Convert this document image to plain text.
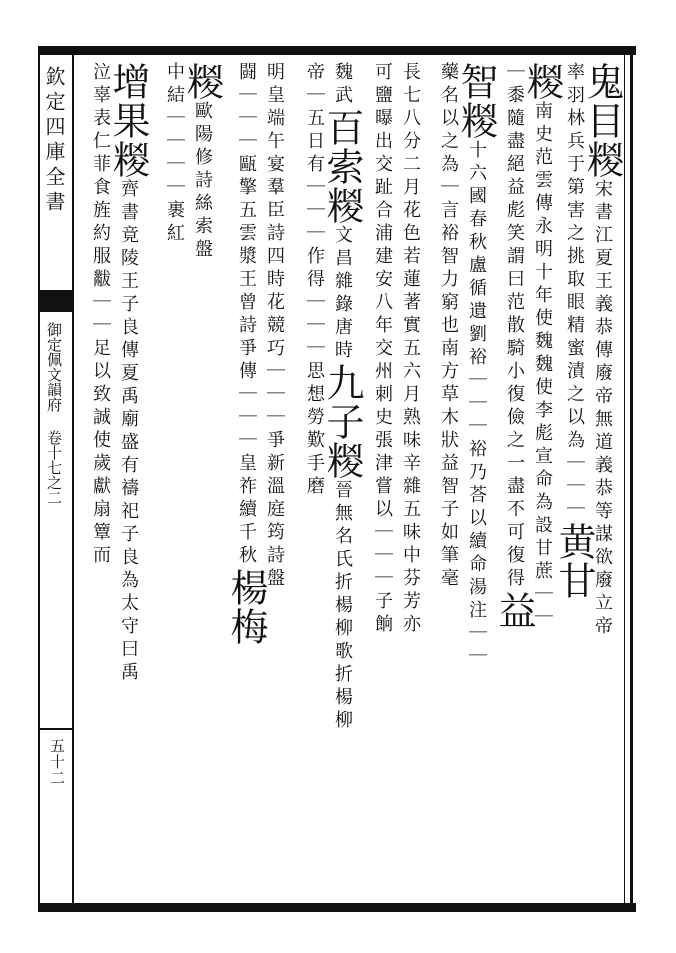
欽定四庫全書
御定佩文韻府 卷十七之二
五十二
鬼目糉宋書江夏王義恭傳廢帝無道義恭等謀欲廢立帝
率羽林兵于第害之挑取眼精蜜漬之以為｜｜｜黄甘
糉南史范雲傳永明十年使魏魏使李彪宣命為設甘蔗｜｜
｜黍隨盡絕益彪笑謂曰范散騎小復儉之一盡不可復得益
智糉十六國春秋盧循遺劉裕｜｜｜裕乃荅以續命湯注｜｜
藥名以之為｜言裕智力窮也南方草木狀益智子如筆毫
長七八分二月花色若蓮著實五六月熟味辛雜五味中芬芳亦
可鹽曝出交趾合浦建安八年交州刺史張津嘗以｜｜｜子餉
魏武百索糉文昌雜錄唐時九子糉晉無名氏折楊柳歌折楊柳
帝｜五日有｜｜｜作得｜｜｜思想勞歎手磨
明皇端午宴羣臣詩四時花競巧｜｜｜爭新溫庭筠詩盤
闘｜｜｜甌擎五雲漿王曾詩爭傳｜｜｜皇祚續千秋楊梅
糉歐陽修詩絲索盤
中結｜｜｜｜裹紅
增果糉齊書竟陵王子良傳夏禹廟盛有禱祀子良為太守曰禹
泣辜表仁菲食旌約服黻｜｜足以致誠使歲獻扇簟而
